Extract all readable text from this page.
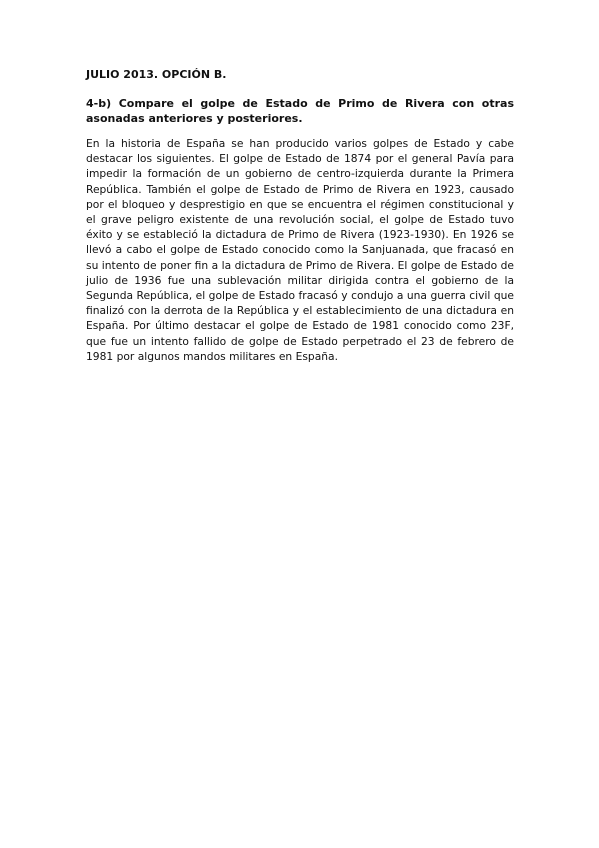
JULIO 2013. OPCIÓN B.

4-b) Compare el golpe de Estado de Primo de Rivera con otras asonadas anteriores y posteriores.

En la historia de España se han producido varios golpes de Estado y cabe destacar los siguientes. El golpe de Estado de 1874 por el general Pavía para impedir la formación de un gobierno de centro-izquierda durante la Primera República. También el golpe de Estado de Primo de Rivera en 1923, causado por el bloqueo y desprestigio en que se encuentra el régimen constitucional y el grave peligro existente de una revolución social, el golpe de Estado tuvo éxito y se estableció la dictadura de Primo de Rivera (1923-1930). En 1926 se llevó a cabo el golpe de Estado conocido como la Sanjuanada, que fracasó en su intento de poner fin a la dictadura de Primo de Rivera. El golpe de Estado de julio de 1936 fue una sublevación militar dirigida contra el gobierno de la Segunda República, el golpe de Estado fracasó y condujo a una guerra civil que finalizó con la derrota de la República y el establecimiento de una dictadura en España. Por último destacar el golpe de Estado de 1981 conocido como 23F, que fue un intento fallido de golpe de Estado perpetrado el 23 de febrero de 1981 por algunos mandos militares en España.
